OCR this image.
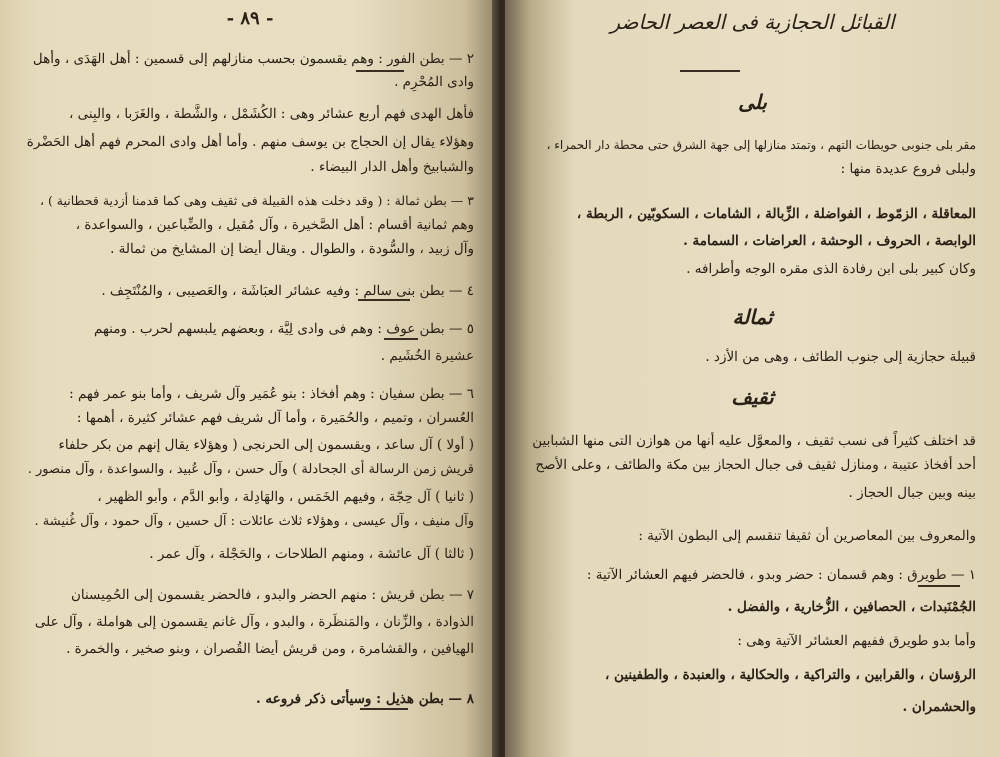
- ٨٩ -
٢ — بطن الفور : وهم يقسمون بحسب منازلهم إلى قسمين : أهل الهَدَى ، وأهل
وادى المُحْرِم .
فأهل الهدى فهم أربع عشائر وهى : الكُشَمْل ، والشَّطة ، والغَرَبا ، والبِنى ،
وهؤلاء يقال إن الحجاج بن يوسف منهم . وأما أهل وادى المحرم فهم أهل الحَضْرة
والشبابيخ وأهل الدار البيضاء .
٣ — بطن ثمالة : ( وقد دخلت هذه القبيلة فى ثقيف وهى كما قدمنا أزدية قحطانية ) ،
وهم ثمانية أقسام : أهل الصَّخيرة ، وآل مُقيل ، والضِّباعين ، والسواعدة ،
وآل زبيد ، والسُّودة ، والطوال . ويقال أيضا إن المشايخ من ثمالة .
٤ — بطن بنى سالم : وفيه عشائر العبَاشَة ، والعَصيبى ، والمُنْتَجِف .
٥ — بطن عوف : وهم فى وادى لِيَّة ، وبعضهم يلبسهم لحرب . ومنهم
عشيرة الخُشَيم .
٦ — بطن سفيان : وهم أفخاذ : بنو عُمَير وآل شريف ، وأما بنو عمر فهم :
العُسران ، وتميم ، والحُمَيرة ، وأما آل شريف فهم عشائر كثيرة ، أهمها :
( أولا ) آل ساعد ، ويقسمون إلى الحرنجى ( وهؤلاء يقال إنهم من بكر حلفاء
قريش زمن الرسالة أى الجحادلة ) وآل حسن ، وآل عُبيد ، والسواعدة ، وآل منصور .
( ثانيا ) آل حِجّة ، وفيهم الخَمَس ، والهَادِلة ، وأبو الدَّم ، وأبو الظهير ،
وآل منيف ، وآل عيسى ، وهؤلاء ثلاث عائلات : آل حسين ، وآل حمود ، وآل غُنيشة .
( ثالثا ) آل عائشة ، ومنهم الطلاحات ، والحَجْلة ، وآل عمر .
٧ — بطن قريش : منهم الحضر والبدو ، فالحضر يقسمون إلى الحُمِيسنان
الذوادة ، والزِّنان ، والمَنظَرة ، والبدو ، وآل غانم يقسمون إلى هواملة ، وآل على
الهيافين ، والقشامرة ، ومن قريش أيضا القُصران ، وبنو صخير ، والخمرة .
٨ — بطن هذيل : وسيأتى ذكر فروعه .
القبائل الحجازية فى العصر الحاضر
بلى
مقر بلى جنوبى حويطات التهم ، وتمتد منازلها إلى جهة الشرق حتى محطة دار الحمراء ،
ولبلى فروع عديدة منها :
المعاقلة ، الزمّوط ، الفواضلة ، الزِّبالة ، الشامات ، السكوبّين ، الربطة ،
الوابصة ، الحروف ، الوحشة ، العراضات ، السمامة .
وكان كبير بلى ابن رفادة الذى مقره الوجه وأطرافه .
ثمالة
قبيلة حجازية إلى جنوب الطائف ، وهى من الأزد .
ثقيف
قد اختلف كثيراً فى نسب ثقيف ، والمعوَّل عليه أنها من هوازن التى منها الشبابين
أحد أفخاذ عتيبة ، ومنازل ثقيف فى جبال الحجاز بين مكة والطائف ، وعلى الأصح
بينه وبين جبال الحجاز .
والمعروف بين المعاصرين أن ثقيفا تنقسم إلى البطون الآتية :
١ — طويرق : وهم قسمان : حضر وبدو ، فالحضر فيهم العشائر الآتية :
الجُمْنَبدات ، الحصافين ، الزُّخارية ، والفضل .
وأما بدو طويرق ففيهم العشائر الآتية وهى :
الرؤسان ، والقرابين ، والتراكية ، والحكالية ، والعنبدة ، والطفينين ،
والحشمران .
